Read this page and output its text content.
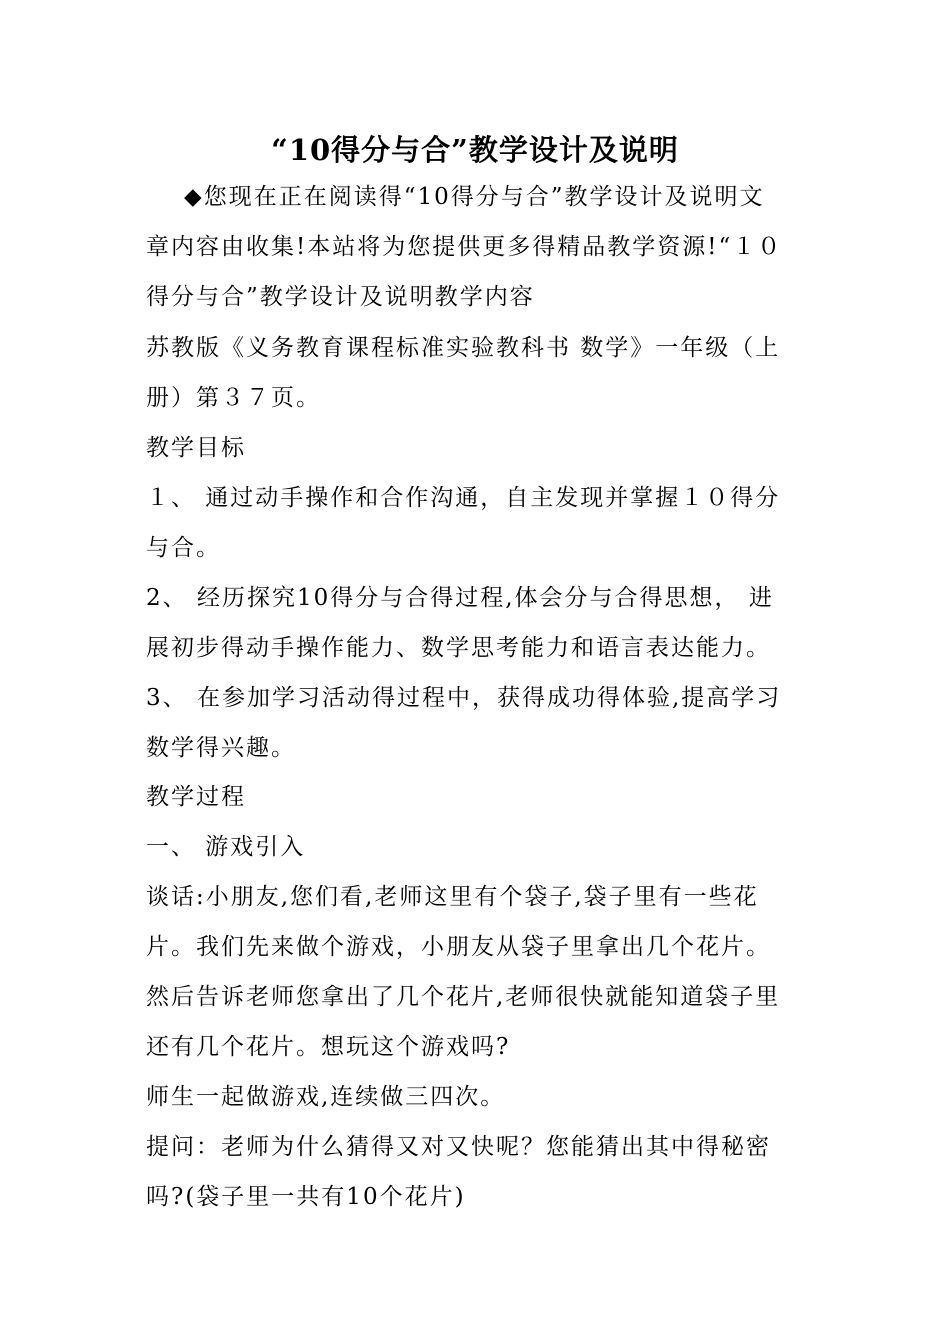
“10得分与合”教学设计及说明
◆您现在正在阅读得“10得分与合”教学设计及说明文
章内容由收集!本站将为您提供更多得精品教学资源!“１０
得分与合”教学设计及说明教学内容
苏教版《义务教育课程标准实验教科书 数学》一年级（上
册）第３７页。
教学目标
１、 通过动手操作和合作沟通，自主发现并掌握１０得分
与合。
2、 经历探究10得分与合得过程,体会分与合得思想， 进
展初步得动手操作能力、数学思考能力和语言表达能力。
3、 在参加学习活动得过程中，获得成功得体验,提高学习
数学得兴趣。
教学过程
一、 游戏引入
谈话:小朋友,您们看,老师这里有个袋子,袋子里有一些花
片。我们先来做个游戏，小朋友从袋子里拿出几个花片。
然后告诉老师您拿出了几个花片,老师很快就能知道袋子里
还有几个花片。想玩这个游戏吗?
师生一起做游戏,连续做三四次。
提问：老师为什么猜得又对又快呢？您能猜出其中得秘密
吗?(袋子里一共有10个花片)
